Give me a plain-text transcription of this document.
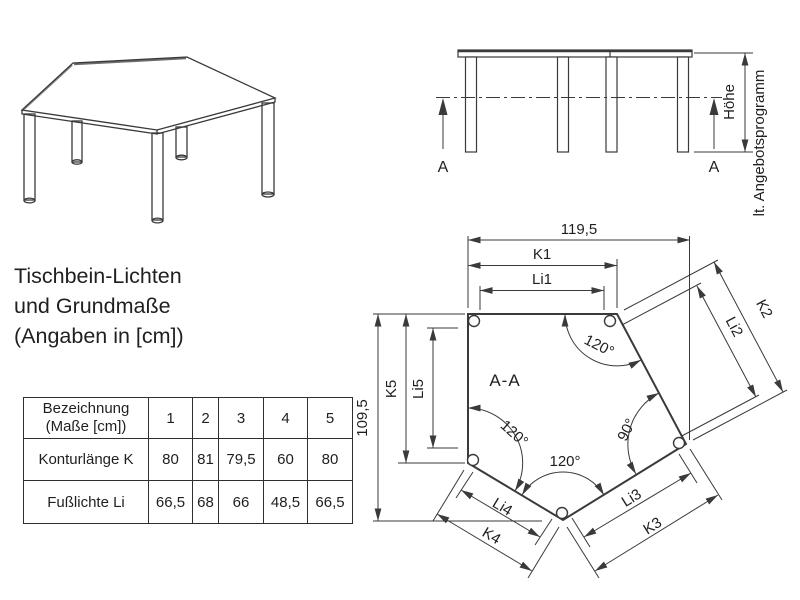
A	A
Höhe lt. Angebotsprogramm
119,5
K1
Li1
109,5
K5 Li5
K2
Li2
Li3
K3
Li4
K4
120°
120°
120°
90°
A-A
Tischbein-Lichten
und Grundmaße
(Angaben in [cm])
Bezeichnung
(Maße [cm])	1	2	3	4	5
Konturlänge K	80	81	79,5	60	80
Fußlichte Li	66,5	68	66	48,5	66,5
